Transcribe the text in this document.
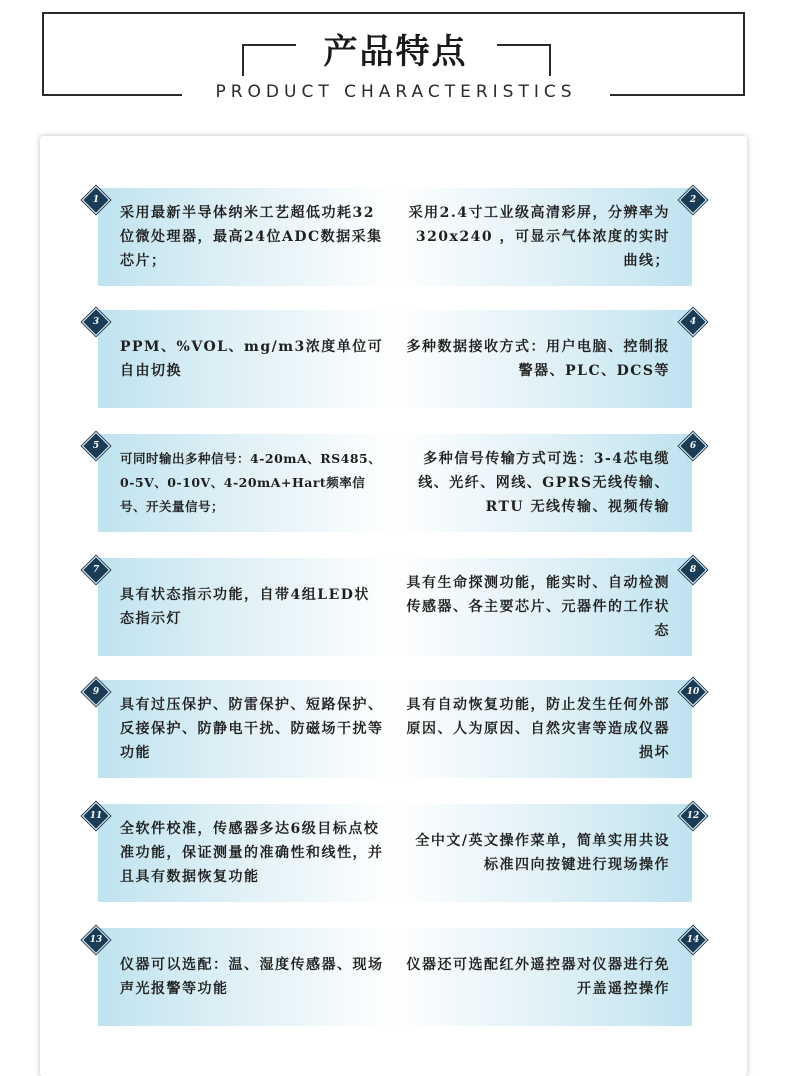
产品特点
PRODUCT CHARACTERISTICS
采用最新半导体纳米工艺超低功耗32位微处理器，最高24位ADC数据采集芯片；
1
采用2.4寸工业级高清彩屏，分辨率为320x240 ，可显示气体浓度的实时曲线；
2
PPM、%VOL、mg/m3浓度单位可自由切换
3
多种数据接收方式：用户电脑、控制报警器、PLC、DCS等
4
可同时输出多种信号：4-20mA、RS485、0-5V、0-10V、4-20mA+Hart频率信号、开关量信号；
5
多种信号传输方式可选：3-4芯电缆线、光纤、网线、GPRS无线传输、RTU 无线传输、视频传输
6
具有状态指示功能，自带4组LED状态指示灯
7
具有生命探测功能，能实时、自动检测传感器、各主要芯片、元器件的工作状态
8
具有过压保护、防雷保护、短路保护、反接保护、防静电干扰、防磁场干扰等功能
9
具有自动恢复功能，防止发生任何外部原因、人为原因、自然灾害等造成仪器损坏
10
全软件校准，传感器多达6级目标点校准功能，保证测量的准确性和线性，并且具有数据恢复功能
11
全中文/英文操作菜单，简单实用共设标准四向按键进行现场操作
12
仪器可以选配：温、湿度传感器、现场声光报警等功能
13
仪器还可选配红外遥控器对仪器进行免开盖遥控操作
14
